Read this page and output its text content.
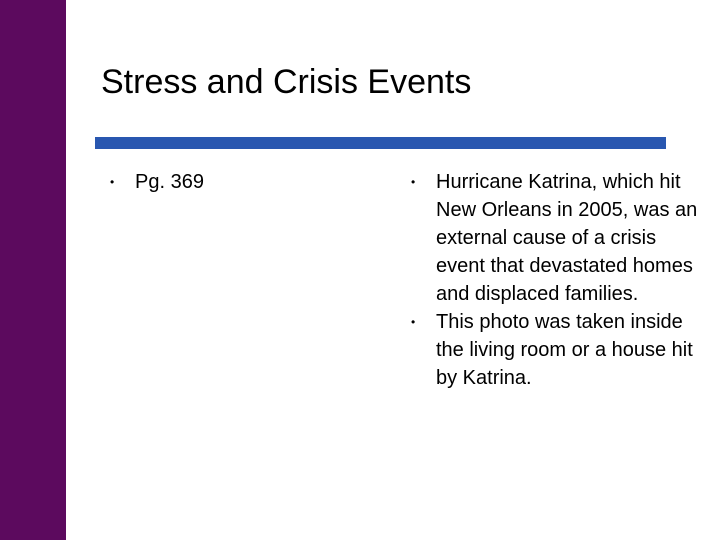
Stress and Crisis Events
•	Pg. 369	•	Hurricane Katrina, which hit New Orleans in 2005, was an external cause of a crisis event that devastated homes and displaced families.
•	This photo was taken inside the living room or a house hit by Katrina.
